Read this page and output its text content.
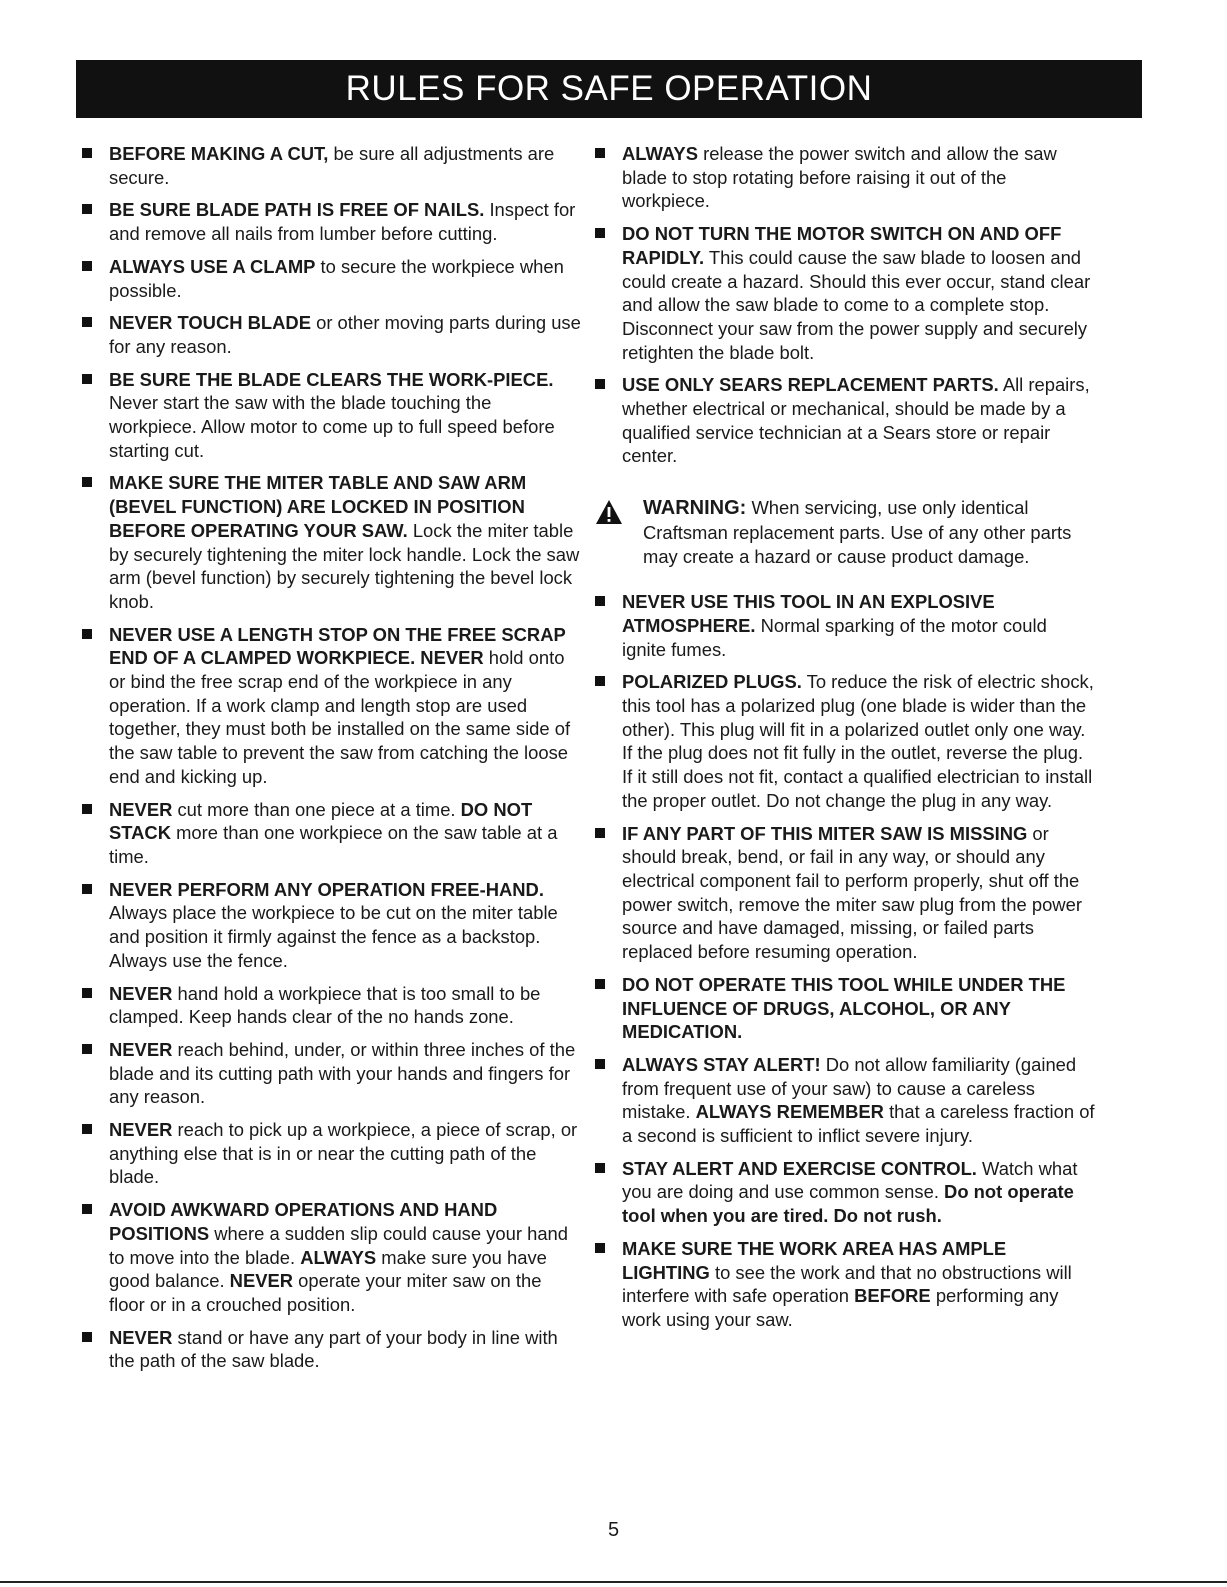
RULES FOR SAFE OPERATION
BEFORE MAKING A CUT, be sure all adjustments are secure.
BE SURE BLADE PATH IS FREE OF NAILS. Inspect for and remove all nails from lumber before cutting.
ALWAYS USE A CLAMP to secure the workpiece when possible.
NEVER TOUCH BLADE or other moving parts during use for any reason.
BE SURE THE BLADE CLEARS THE WORK-PIECE. Never start the saw with the blade touching the workpiece. Allow motor to come up to full speed before starting cut.
MAKE SURE THE MITER TABLE AND SAW ARM (BEVEL FUNCTION) ARE LOCKED IN POSITION BEFORE OPERATING YOUR SAW. Lock the miter table by securely tightening the miter lock handle. Lock the saw arm (bevel function) by securely tightening the bevel lock knob.
NEVER USE A LENGTH STOP ON THE FREE SCRAP END OF A CLAMPED WORKPIECE. NEVER hold onto or bind the free scrap end of the workpiece in any operation. If a work clamp and length stop are used together, they must both be installed on the same side of the saw table to prevent the saw from catching the loose end and kicking up.
NEVER cut more than one piece at a time. DO NOT STACK more than one workpiece on the saw table at a time.
NEVER PERFORM ANY OPERATION FREE-HAND. Always place the workpiece to be cut on the miter table and position it firmly against the fence as a backstop. Always use the fence.
NEVER hand hold a workpiece that is too small to be clamped. Keep hands clear of the no hands zone.
NEVER reach behind, under, or within three inches of the blade and its cutting path with your hands and fingers for any reason.
NEVER reach to pick up a workpiece, a piece of scrap, or anything else that is in or near the cutting path of the blade.
AVOID AWKWARD OPERATIONS AND HAND POSITIONS where a sudden slip could cause your hand to move into the blade. ALWAYS make sure you have good balance. NEVER operate your miter saw on the floor or in a crouched position.
NEVER stand or have any part of your body in line with the path of the saw blade.
ALWAYS release the power switch and allow the saw blade to stop rotating before raising it out of the workpiece.
DO NOT TURN THE MOTOR SWITCH ON AND OFF RAPIDLY. This could cause the saw blade to loosen and could create a hazard. Should this ever occur, stand clear and allow the saw blade to come to a complete stop. Disconnect your saw from the power supply and securely retighten the blade bolt.
USE ONLY SEARS REPLACEMENT PARTS. All repairs, whether electrical or mechanical, should be made by a qualified service technician at a Sears store or repair center.
WARNING: When servicing, use only identical Craftsman replacement parts. Use of any other parts may create a hazard or cause product damage.
NEVER USE THIS TOOL IN AN EXPLOSIVE ATMOSPHERE. Normal sparking of the motor could ignite fumes.
POLARIZED PLUGS. To reduce the risk of electric shock, this tool has a polarized plug (one blade is wider than the other). This plug will fit in a polarized outlet only one way. If the plug does not fit fully in the outlet, reverse the plug. If it still does not fit, contact a qualified electrician to install the proper outlet. Do not change the plug in any way.
IF ANY PART OF THIS MITER SAW IS MISSING or should break, bend, or fail in any way, or should any electrical component fail to perform properly, shut off the power switch, remove the miter saw plug from the power source and have damaged, missing, or failed parts replaced before resuming operation.
DO NOT OPERATE THIS TOOL WHILE UNDER THE INFLUENCE OF DRUGS, ALCOHOL, OR ANY MEDICATION.
ALWAYS STAY ALERT! Do not allow familiarity (gained from frequent use of your saw) to cause a careless mistake. ALWAYS REMEMBER that a careless fraction of a second is sufficient to inflict severe injury.
STAY ALERT AND EXERCISE CONTROL. Watch what you are doing and use common sense. Do not operate tool when you are tired. Do not rush.
MAKE SURE THE WORK AREA HAS AMPLE LIGHTING to see the work and that no obstructions will interfere with safe operation BEFORE performing any work using your saw.
5
